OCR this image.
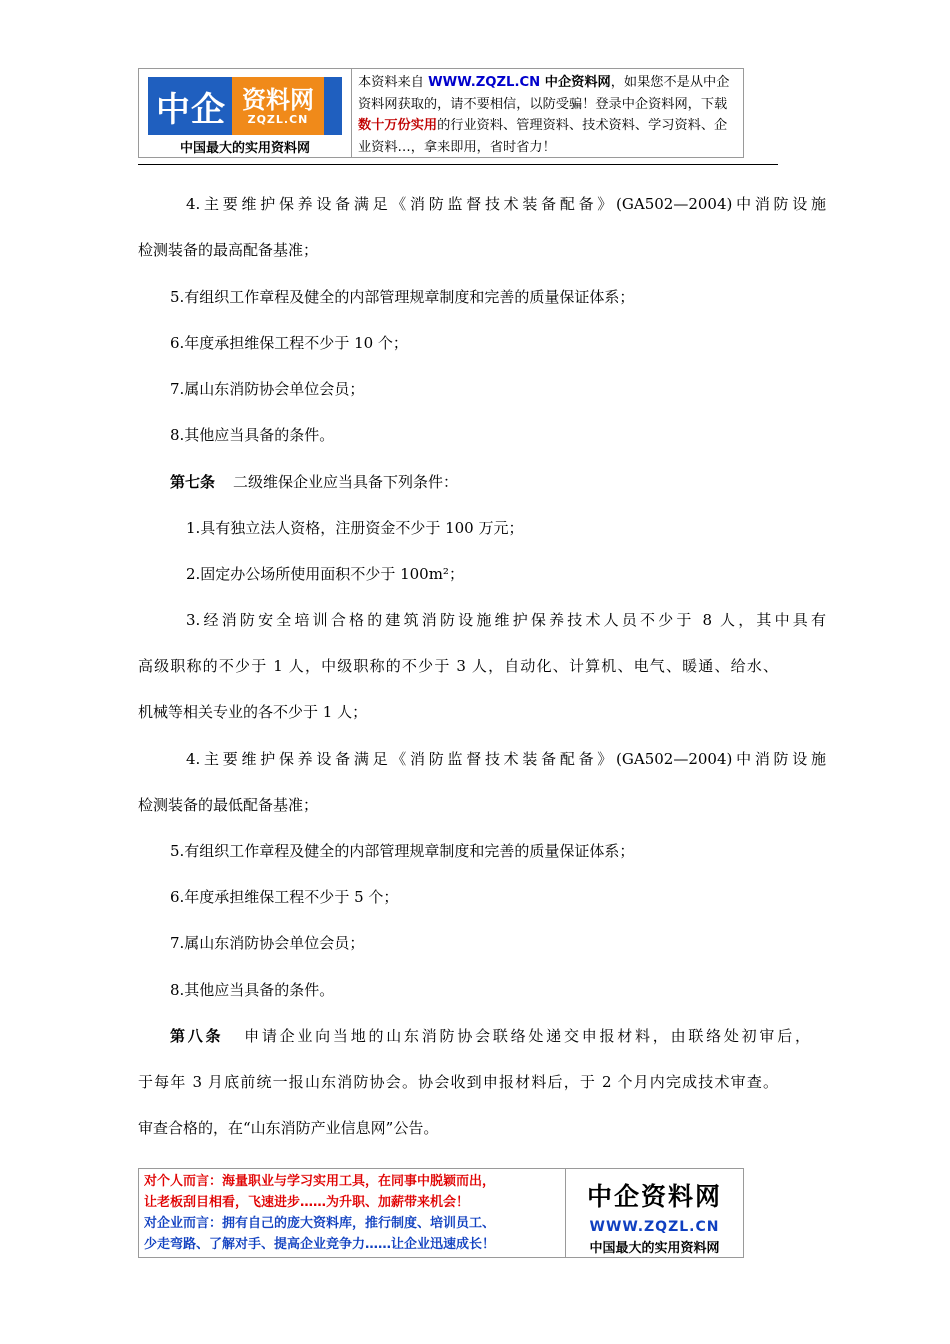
中企 资料网
ZQZL.CN
中国最大的实用资料网
本资料来自 WWW.ZQZL.CN 中企资料网，如果您不是从中企资料网获取的，请不要相信，以防受骗！登录中企资料网，下载数十万份实用的行业资料、管理资料、技术资料、学习资料、企业资料…，拿来即用，省时省力！
4.主要维护保养设备满足《消防监督技术装备配备》(GA502—2004)中消防设施
检测装备的最高配备基准；
5.有组织工作章程及健全的内部管理规章制度和完善的质量保证体系；
6.年度承担维保工程不少于 10 个；
7.属山东消防协会单位会员；
8.其他应当具备的条件。
第七条 二级维保企业应当具备下列条件：
1.具有独立法人资格，注册资金不少于 100 万元；
2.固定办公场所使用面积不少于 100m²；
3.经消防安全培训合格的建筑消防设施维护保养技术人员不少于 8 人，其中具有
高级职称的不少于 1 人，中级职称的不少于 3 人，自动化、计算机、电气、暖通、给水、
机械等相关专业的各不少于 1 人；
4.主要维护保养设备满足《消防监督技术装备配备》(GA502—2004)中消防设施
检测装备的最低配备基准；
5.有组织工作章程及健全的内部管理规章制度和完善的质量保证体系；
6.年度承担维保工程不少于 5 个；
7.属山东消防协会单位会员；
8.其他应当具备的条件。
第八条 申请企业向当地的山东消防协会联络处递交申报材料，由联络处初审后，
于每年 3 月底前统一报山东消防协会。协会收到申报材料后，于 2 个月内完成技术审查。
审查合格的，在“山东消防产业信息网”公告。
对个人而言：海量职业与学习实用工具，在同事中脱颖而出，
让老板刮目相看，飞速进步……为升职、加薪带来机会！
对企业而言：拥有自己的庞大资料库，推行制度、培训员工、
少走弯路、了解对手、提高企业竞争力……让企业迅速成长！
中企资料网
WWW.ZQZL.CN
中国最大的实用资料网
